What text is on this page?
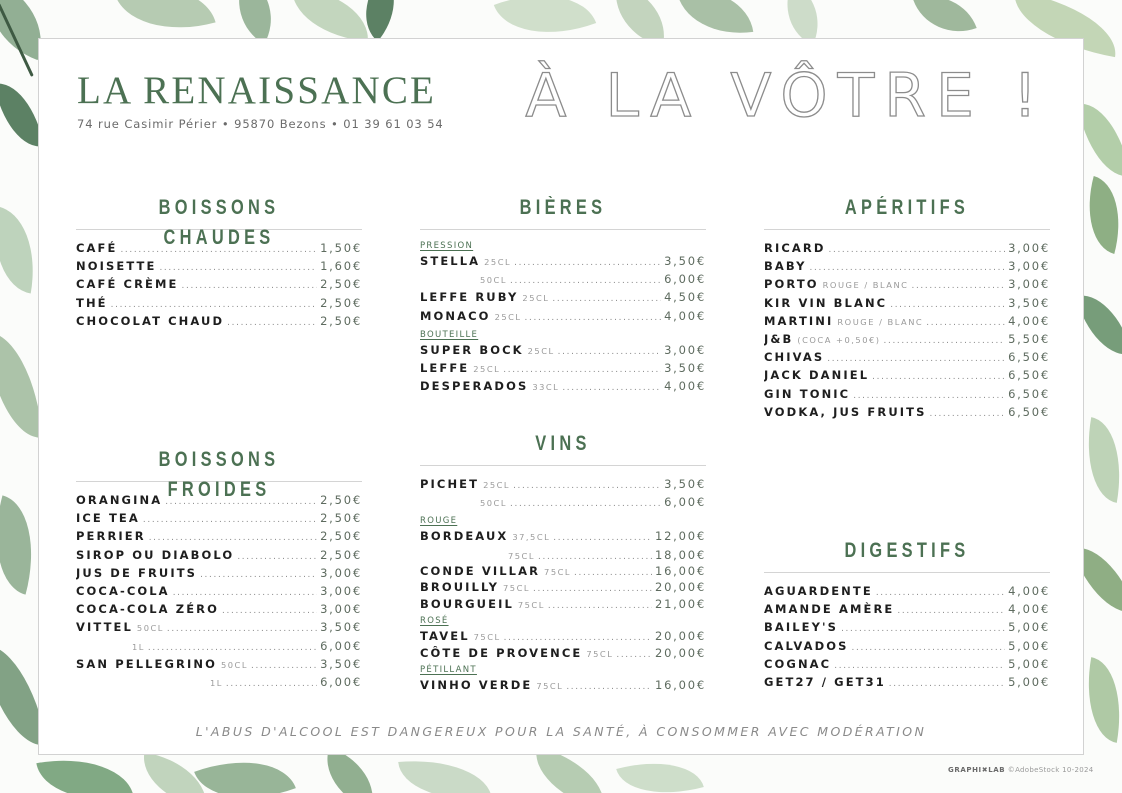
LA RENAISSANCE
74 rue Casimir Périer • 95870 Bezons • 01 39 61 03 54 À LA VÔTRE !
BOISSONS CHAUDES
CAFÉ .....	1,50€
NOISETTE .....	1,60€
CAFÉ CRÈME .....	2,50€
THÉ .....	2,50€
CHOCOLAT CHAUD .....	2,50€
BOISSONS FROIDES
ORANGINA .....	2,50€
ICE TEA .....	2,50€
PERRIER .....	2,50€
SIROP OU DIABOLO .....	2,50€
JUS DE FRUITS .....	3,00€
COCA-COLA .....	3,00€
COCA-COLA ZÉRO .....	3,00€
VITTEL 50CL .....	3,50€
1L .....	6,00€
SAN PELLEGRINO 50CL .....	3,50€
1L .....	6,00€
BIÈRES
PRESSION
STELLA 25CL .....	3,50€
50CL .....	6,00€
LEFFE RUBY 25CL .....	4,50€
MONACO 25CL .....	4,00€
BOUTEILLE
SUPER BOCK 25CL .....	3,00€
LEFFE 25CL .....	3,50€
DESPERADOS 33CL .....	4,00€
VINS
PICHET 25CL .....	3,50€
50CL .....	6,00€
ROUGE
BORDEAUX 37,5CL .....	12,00€
75CL .....	18,00€
CONDE VILLAR 75CL .....	16,00€
BROUILLY 75CL .....	20,00€
BOURGUEIL 75CL .....	21,00€
ROSÉ
TAVEL 75CL .....	20,00€
CÔTE DE PROVENCE 75CL .....	20,00€
PÉTILLANT
VINHO VERDE 75CL .....	16,00€
APÉRITIFS
RICARD .....	3,00€
BABY .....	3,00€
PORTO ROUGE / BLANC .....	3,00€
KIR VIN BLANC .....	3,50€
MARTINI ROUGE / BLANC .....	4,00€
J&B (COCA +0,50€) .....	5,50€
CHIVAS .....	6,50€
JACK DANIEL .....	6,50€
GIN TONIC .....	6,50€
VODKA, JUS FRUITS .....	6,50€
DIGESTIFS
AGUARDENTE .....	4,00€
AMANDE AMÈRE .....	4,00€
BAILEY'S .....	5,00€
CALVADOS .....	5,00€
COGNAC .....	5,00€
GET27 / GET31 .....	5,00€
L'ABUS D'ALCOOL EST DANGEREUX POUR LA SANTÉ, À CONSOMMER AVEC MODÉRATION
GRAPHI✖LAB ©AdobeStock 10-2024
